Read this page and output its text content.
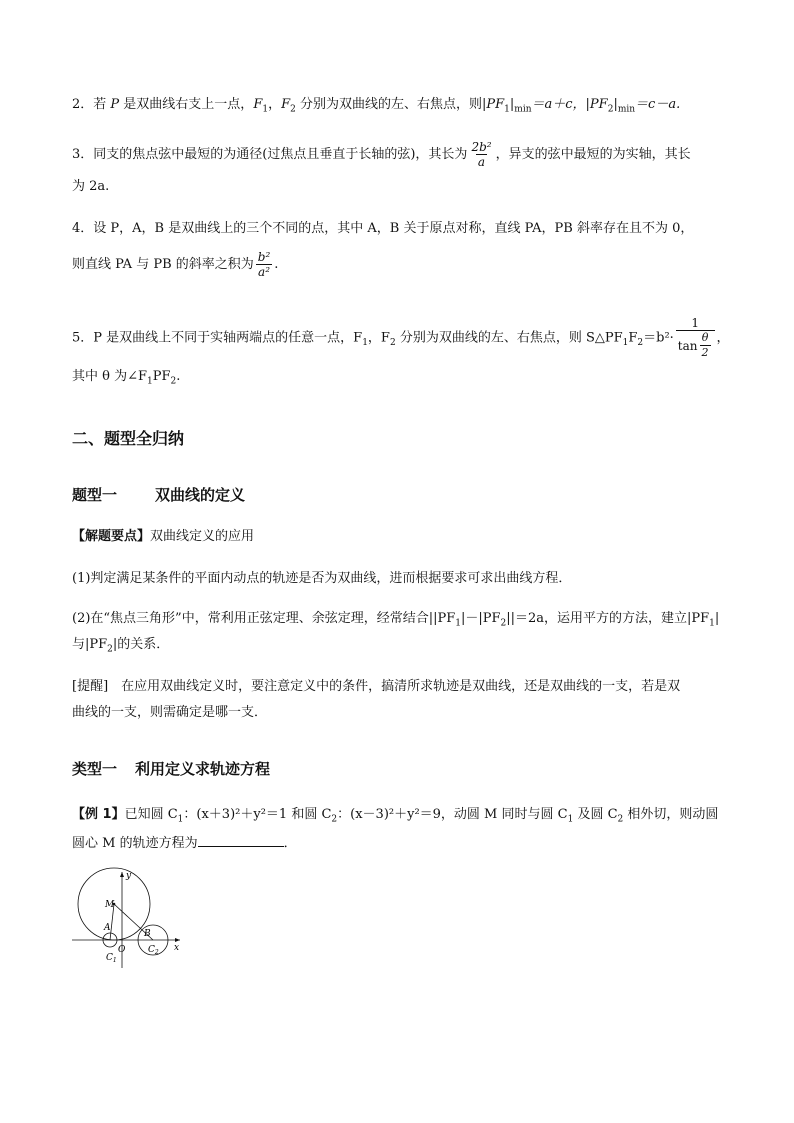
2．若 P 是双曲线右支上一点，$F_1$，$F_2$ 分别为双曲线的左、右焦点，则$|PF_1|_{min}=a+c$，$|PF_2|_{min}=c-a$.
3．同支的焦点弦中最短的为通径(过焦点且垂直于长轴的弦)，其长为 $\frac{\text{2b²}}{a}$ ，异支的弦中最短的为实轴，其长
为 2a.
4．设 P，A，B 是双曲线上的三个不同的点，其中 A，B 关于原点对称，直线 PA，PB 斜率存在且不为 0，
则直线 PA 与 PB 的斜率之积为 $\frac{\text{b²}}{\text{a²}}$ .
5．P 是双曲线上不同于实轴两端点的任意一点，$F_1$，$F_2$ 分别为双曲线的左、右焦点，则 $S\triangle PF_1F_2=b^2\cdot \frac{1}{\tan \frac{\theta}{2}}$ ，
其中 θ 为$\angle F_1PF_2$.
二、题型全归纳
题型一	双曲线的定义
【解题要点】双曲线定义的应用
(1)判定满足某条件的平面内动点的轨迹是否为双曲线，进而根据要求可求出曲线方程．
(2)在“焦点三角形”中，常利用正弦定理、余弦定理，经常结合$||PF_1|-|PF_2||=2a$，运用平方的方法，建立$|PF_1|$
与$|PF_2|$的关系．
[提醒]　在应用双曲线定义时，要注意定义中的条件，搞清所求轨迹是双曲线，还是双曲线的一支，若是双
曲线的一支，则需确定是哪一支．
类型一 利用定义求轨迹方程
【例 1】已知圆 $C_1$：(x＋3)²＋y²＝1 和圆 $C_2$：(x－3)²＋y²＝9，动圆 M 同时与圆 $C_1$ 及圆 $C_2$ 相外切，则动圆
圆心 M 的轨迹方程为	．
y
x
M
A
B
O
$C_1$
$C_2$
